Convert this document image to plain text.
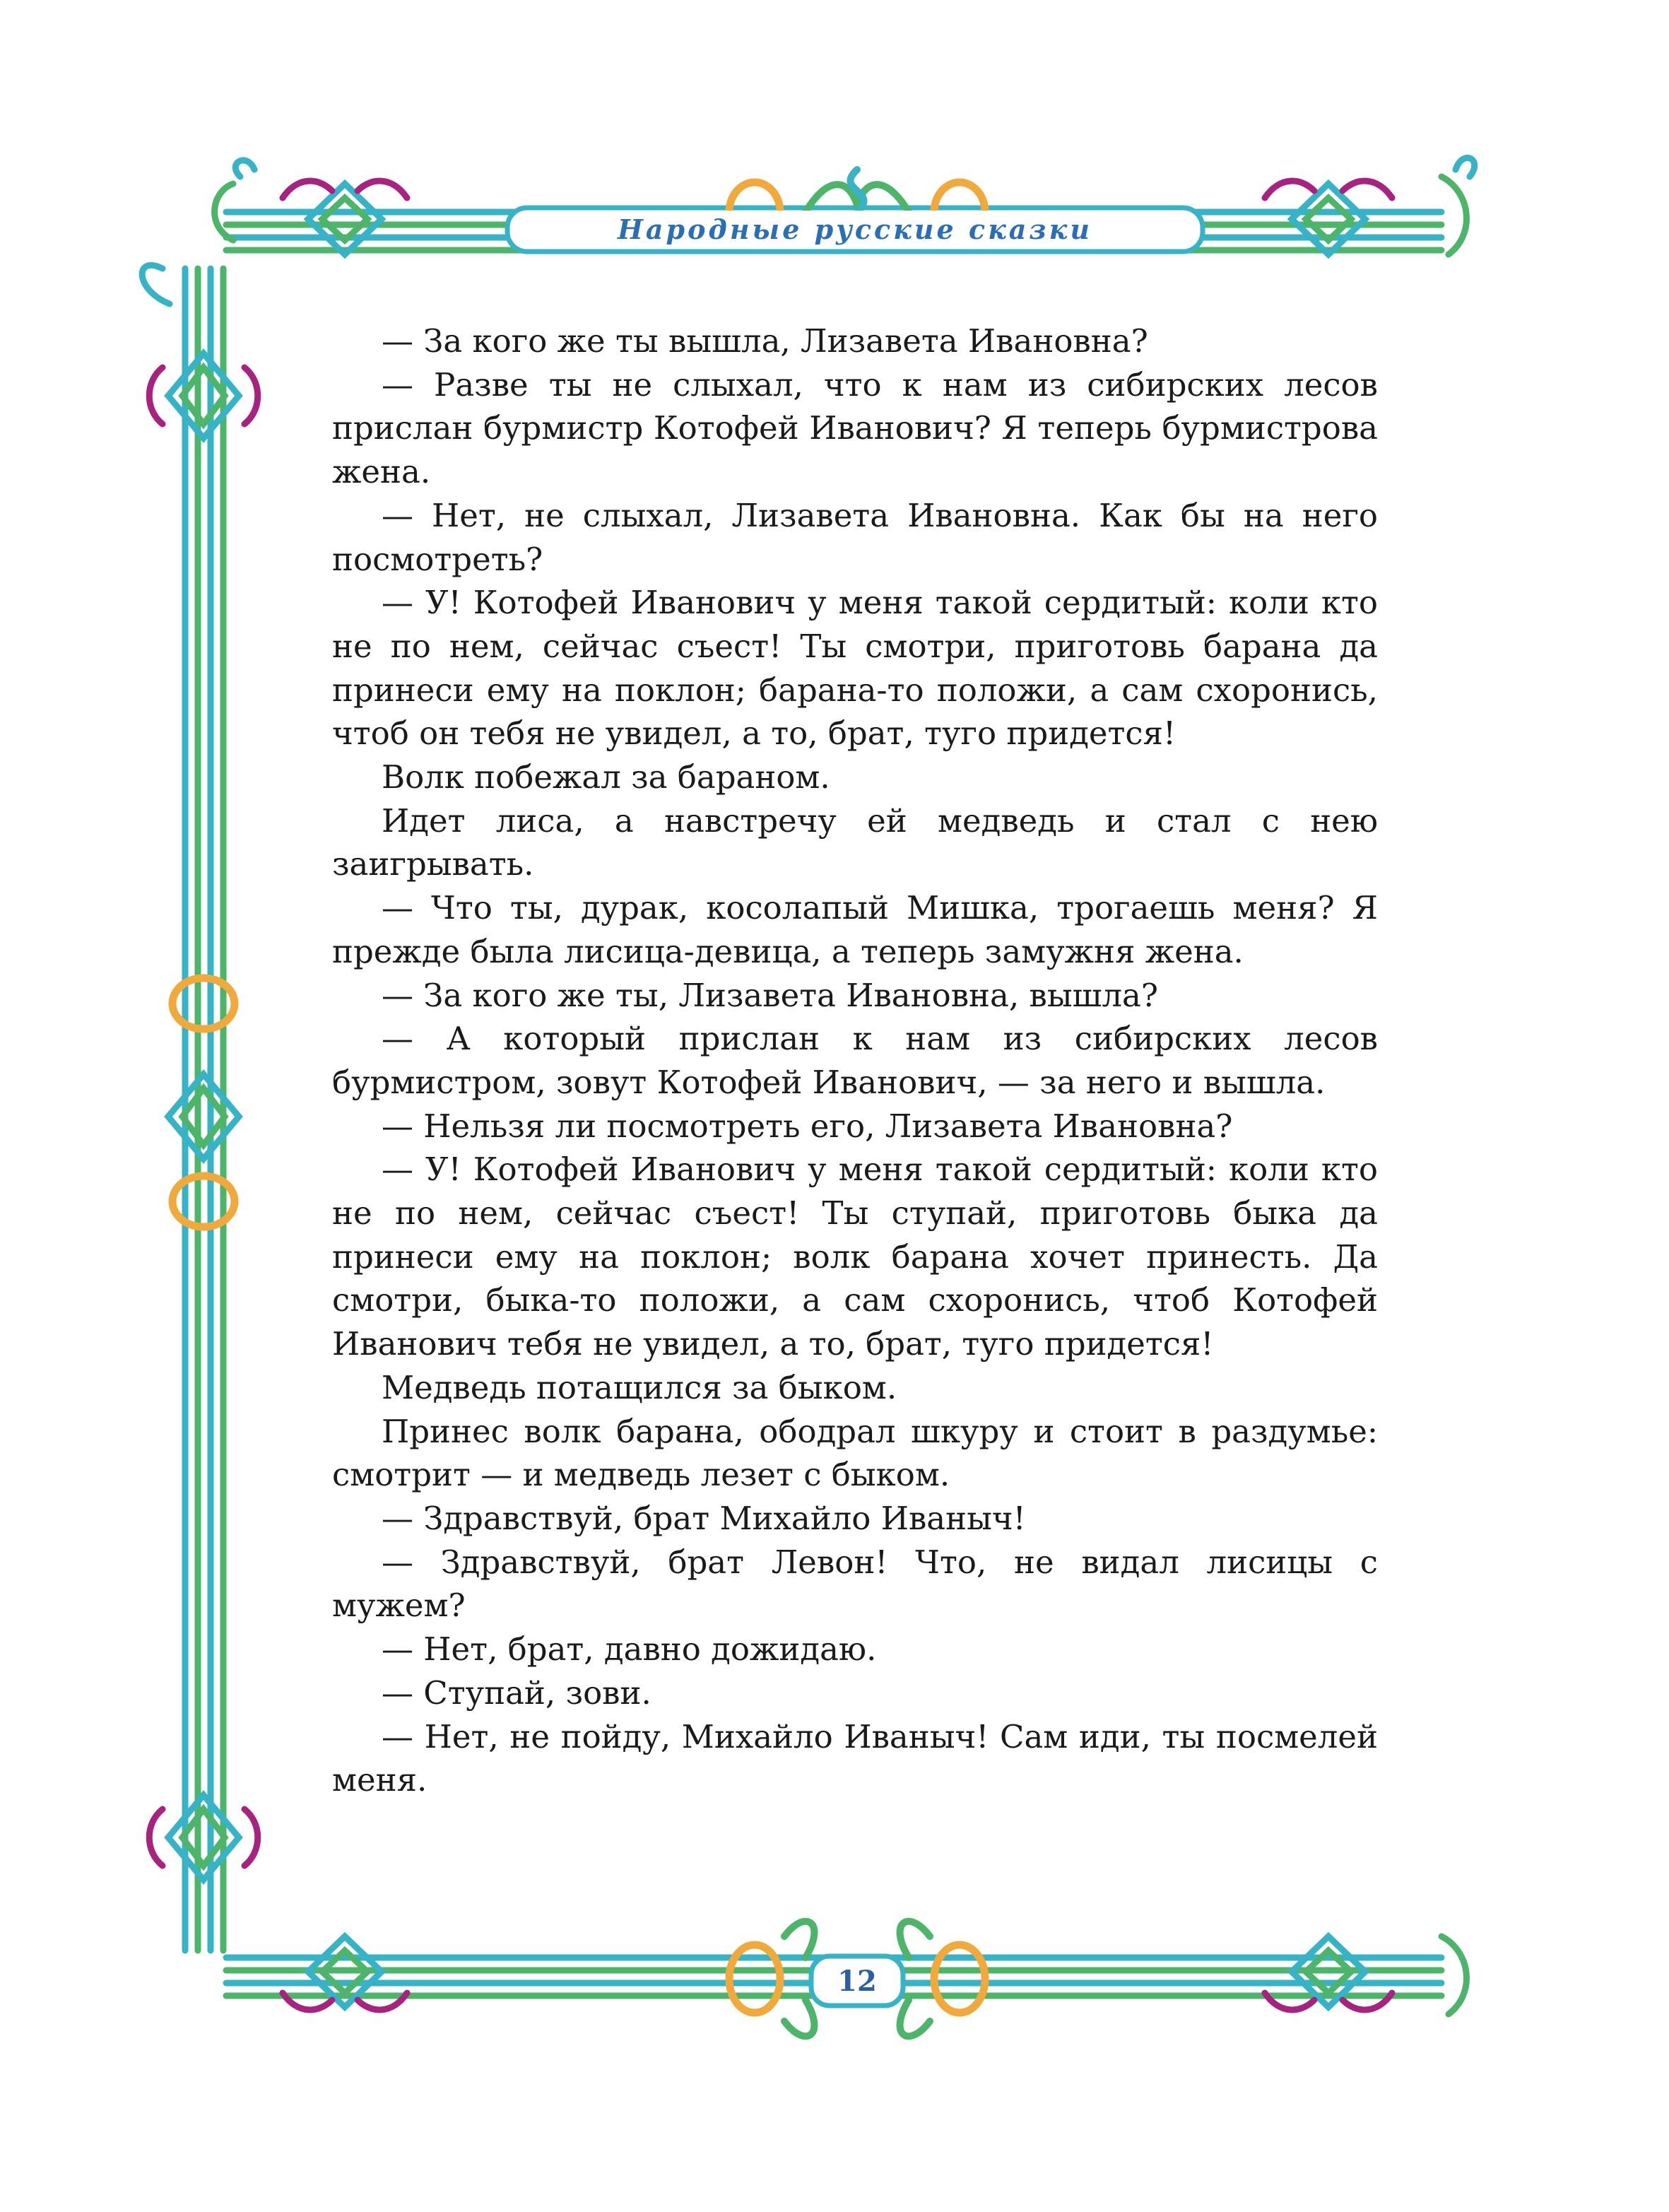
Народные русские сказки
12

— За кого же ты вышла, Лизавета Ивановна?

— Разве ты не слыхал, что к нам из сибирских лесов прислан бурмистр Котофей Иванович? Я теперь бурмистрова жена.

— Нет, не слыхал, Лизавета Ивановна. Как бы на него посмотреть?

— У! Котофей Иванович у меня такой сердитый: коли кто не по нем, сейчас съест! Ты смотри, приготовь барана да принеси ему на поклон; барана-то положи, а сам схоронись, чтоб он тебя не увидел, а то, брат, туго придется!

Волк побежал за бараном.

Идет лиса, а навстречу ей медведь и стал с нею заигрывать.

— Что ты, дурак, косолапый Мишка, трогаешь меня? Я прежде была лисица-девица, а теперь замужня жена.

— За кого же ты, Лизавета Ивановна, вышла?

— А который прислан к нам из сибирских лесов бурмистром, зовут Котофей Иванович, — за него и вышла.

— Нельзя ли посмотреть его, Лизавета Ивановна?

— У! Котофей Иванович у меня такой сердитый: коли кто не по нем, сейчас съест! Ты ступай, приготовь быка да принеси ему на поклон; волк барана хочет принесть. Да смотри, быка-то положи, а сам схоронись, чтоб Котофей Иванович тебя не увидел, а то, брат, туго придется!

Медведь потащился за быком.

Принес волк барана, ободрал шкуру и стоит в раздумье: смотрит — и медведь лезет с быком.

— Здравствуй, брат Михайло Иваныч!

— Здравствуй, брат Левон! Что, не видал лисицы с мужем?

— Нет, брат, давно дожидаю.

— Ступай, зови.

— Нет, не пойду, Михайло Иваныч! Сам иди, ты посмелей меня.
